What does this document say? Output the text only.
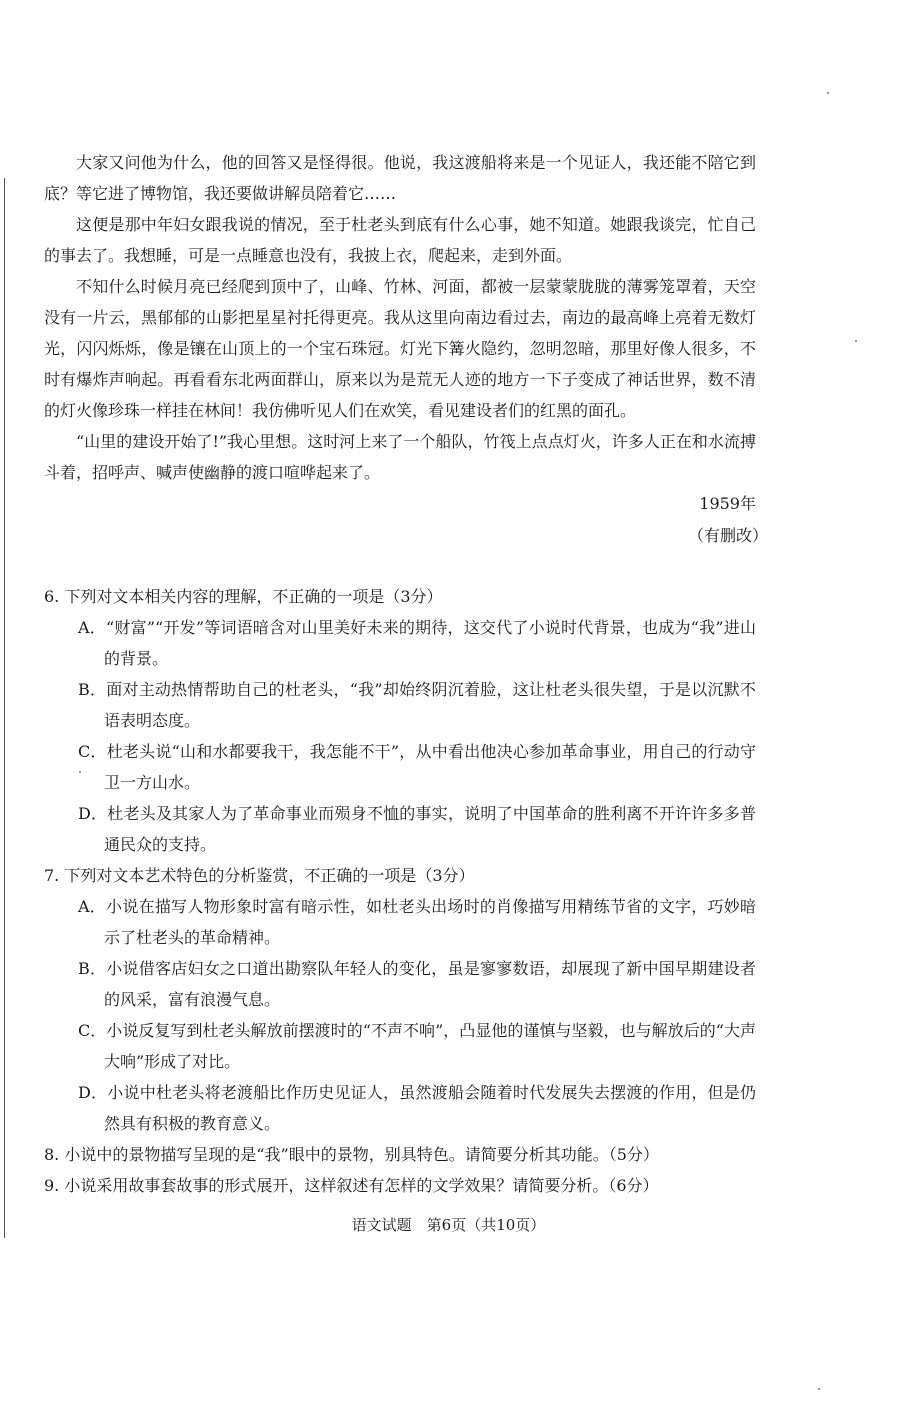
大家又问他为什么，他的回答又是怪得很。他说，我这渡船将来是一个见证人，我还能不陪它到底？等它进了博物馆，我还要做讲解员陪着它……

这便是那中年妇女跟我说的情况，至于杜老头到底有什么心事，她不知道。她跟我谈完，忙自己的事去了。我想睡，可是一点睡意也没有，我披上衣，爬起来，走到外面。

不知什么时候月亮已经爬到顶中了，山峰、竹林、河面，都被一层蒙蒙胧胧的薄雾笼罩着，天空没有一片云，黑郁郁的山影把星星衬托得更亮。我从这里向南边看过去，南边的最高峰上亮着无数灯光，闪闪烁烁，像是镶在山顶上的一个宝石珠冠。灯光下篝火隐约，忽明忽暗，那里好像人很多，不时有爆炸声响起。再看看东北两面群山，原来以为是荒无人迹的地方一下子变成了神话世界，数不清的灯火像珍珠一样挂在林间！我仿佛听见人们在欢笑，看见建设者们的红黑的面孔。

“山里的建设开始了!”我心里想。这时河上来了一个船队，竹筏上点点灯火，许多人正在和水流搏斗着，招呼声、喊声使幽静的渡口喧哗起来了。

1959年

（有删改）

6. 下列对文本相关内容的理解，不正确的一项是（3分）

A．“财富”“开发”等词语暗含对山里美好未来的期待，这交代了小说时代背景，也成为“我”进山的背景。

B．面对主动热情帮助自己的杜老头，“我”却始终阴沉着脸，这让杜老头很失望，于是以沉默不语表明态度。

C．杜老头说“山和水都要我干，我怎能不干”，从中看出他决心参加革命事业，用自己的行动守卫一方山水。

D．杜老头及其家人为了革命事业而殒身不恤的事实，说明了中国革命的胜利离不开许许多多普通民众的支持。

7. 下列对文本艺术特色的分析鉴赏，不正确的一项是（3分）

A．小说在描写人物形象时富有暗示性，如杜老头出场时的肖像描写用精练节省的文字，巧妙暗示了杜老头的革命精神。

B．小说借客店妇女之口道出勘察队年轻人的变化，虽是寥寥数语，却展现了新中国早期建设者的风采，富有浪漫气息。

C．小说反复写到杜老头解放前摆渡时的“不声不响”，凸显他的谨慎与坚毅，也与解放后的“大声大响”形成了对比。

D．小说中杜老头将老渡船比作历史见证人，虽然渡船会随着时代发展失去摆渡的作用，但是仍然具有积极的教育意义。

8. 小说中的景物描写呈现的是“我”眼中的景物，别具特色。请简要分析其功能。（5分）

9. 小说采用故事套故事的形式展开，这样叙述有怎样的文学效果？请简要分析。（6分）

语文试题　第6页（共10页）
